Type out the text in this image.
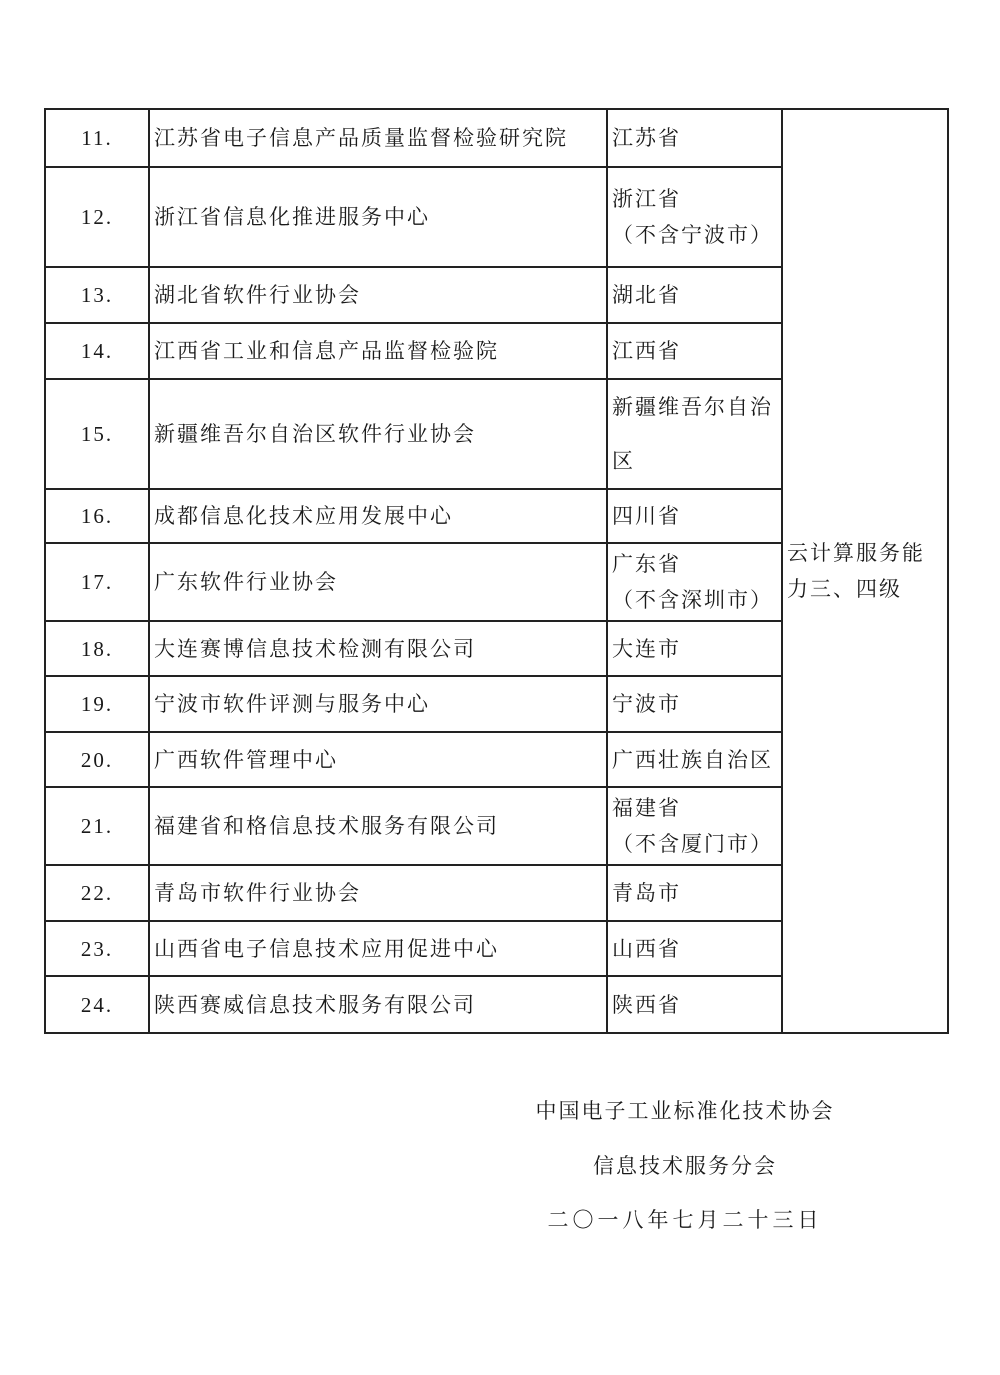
11.	江苏省电子信息产品质量监督检验研究院	江苏省	云计算服务能
力三、四级

12.	浙江省信息化推进服务中心	浙江省
（不含宁波市）	

13.	湖北省软件行业协会	湖北省	

14.	江西省工业和信息产品监督检验院	江西省	

15.	新疆维吾尔自治区软件行业协会	新疆维吾尔自治
区	

16.	成都信息化技术应用发展中心	四川省	

17.	广东软件行业协会	广东省
（不含深圳市）	

18.	大连赛博信息技术检测有限公司	大连市	

19.	宁波市软件评测与服务中心	宁波市	

20.	广西软件管理中心	广西壮族自治区	

21.	福建省和格信息技术服务有限公司	福建省
（不含厦门市）	

22.	青岛市软件行业协会	青岛市	

23.	山西省电子信息技术应用促进中心	山西省	

24.	陕西赛威信息技术服务有限公司	陕西省	
中国电子工业标准化技术协会
信息技术服务分会
二〇一八年七月二十三日
